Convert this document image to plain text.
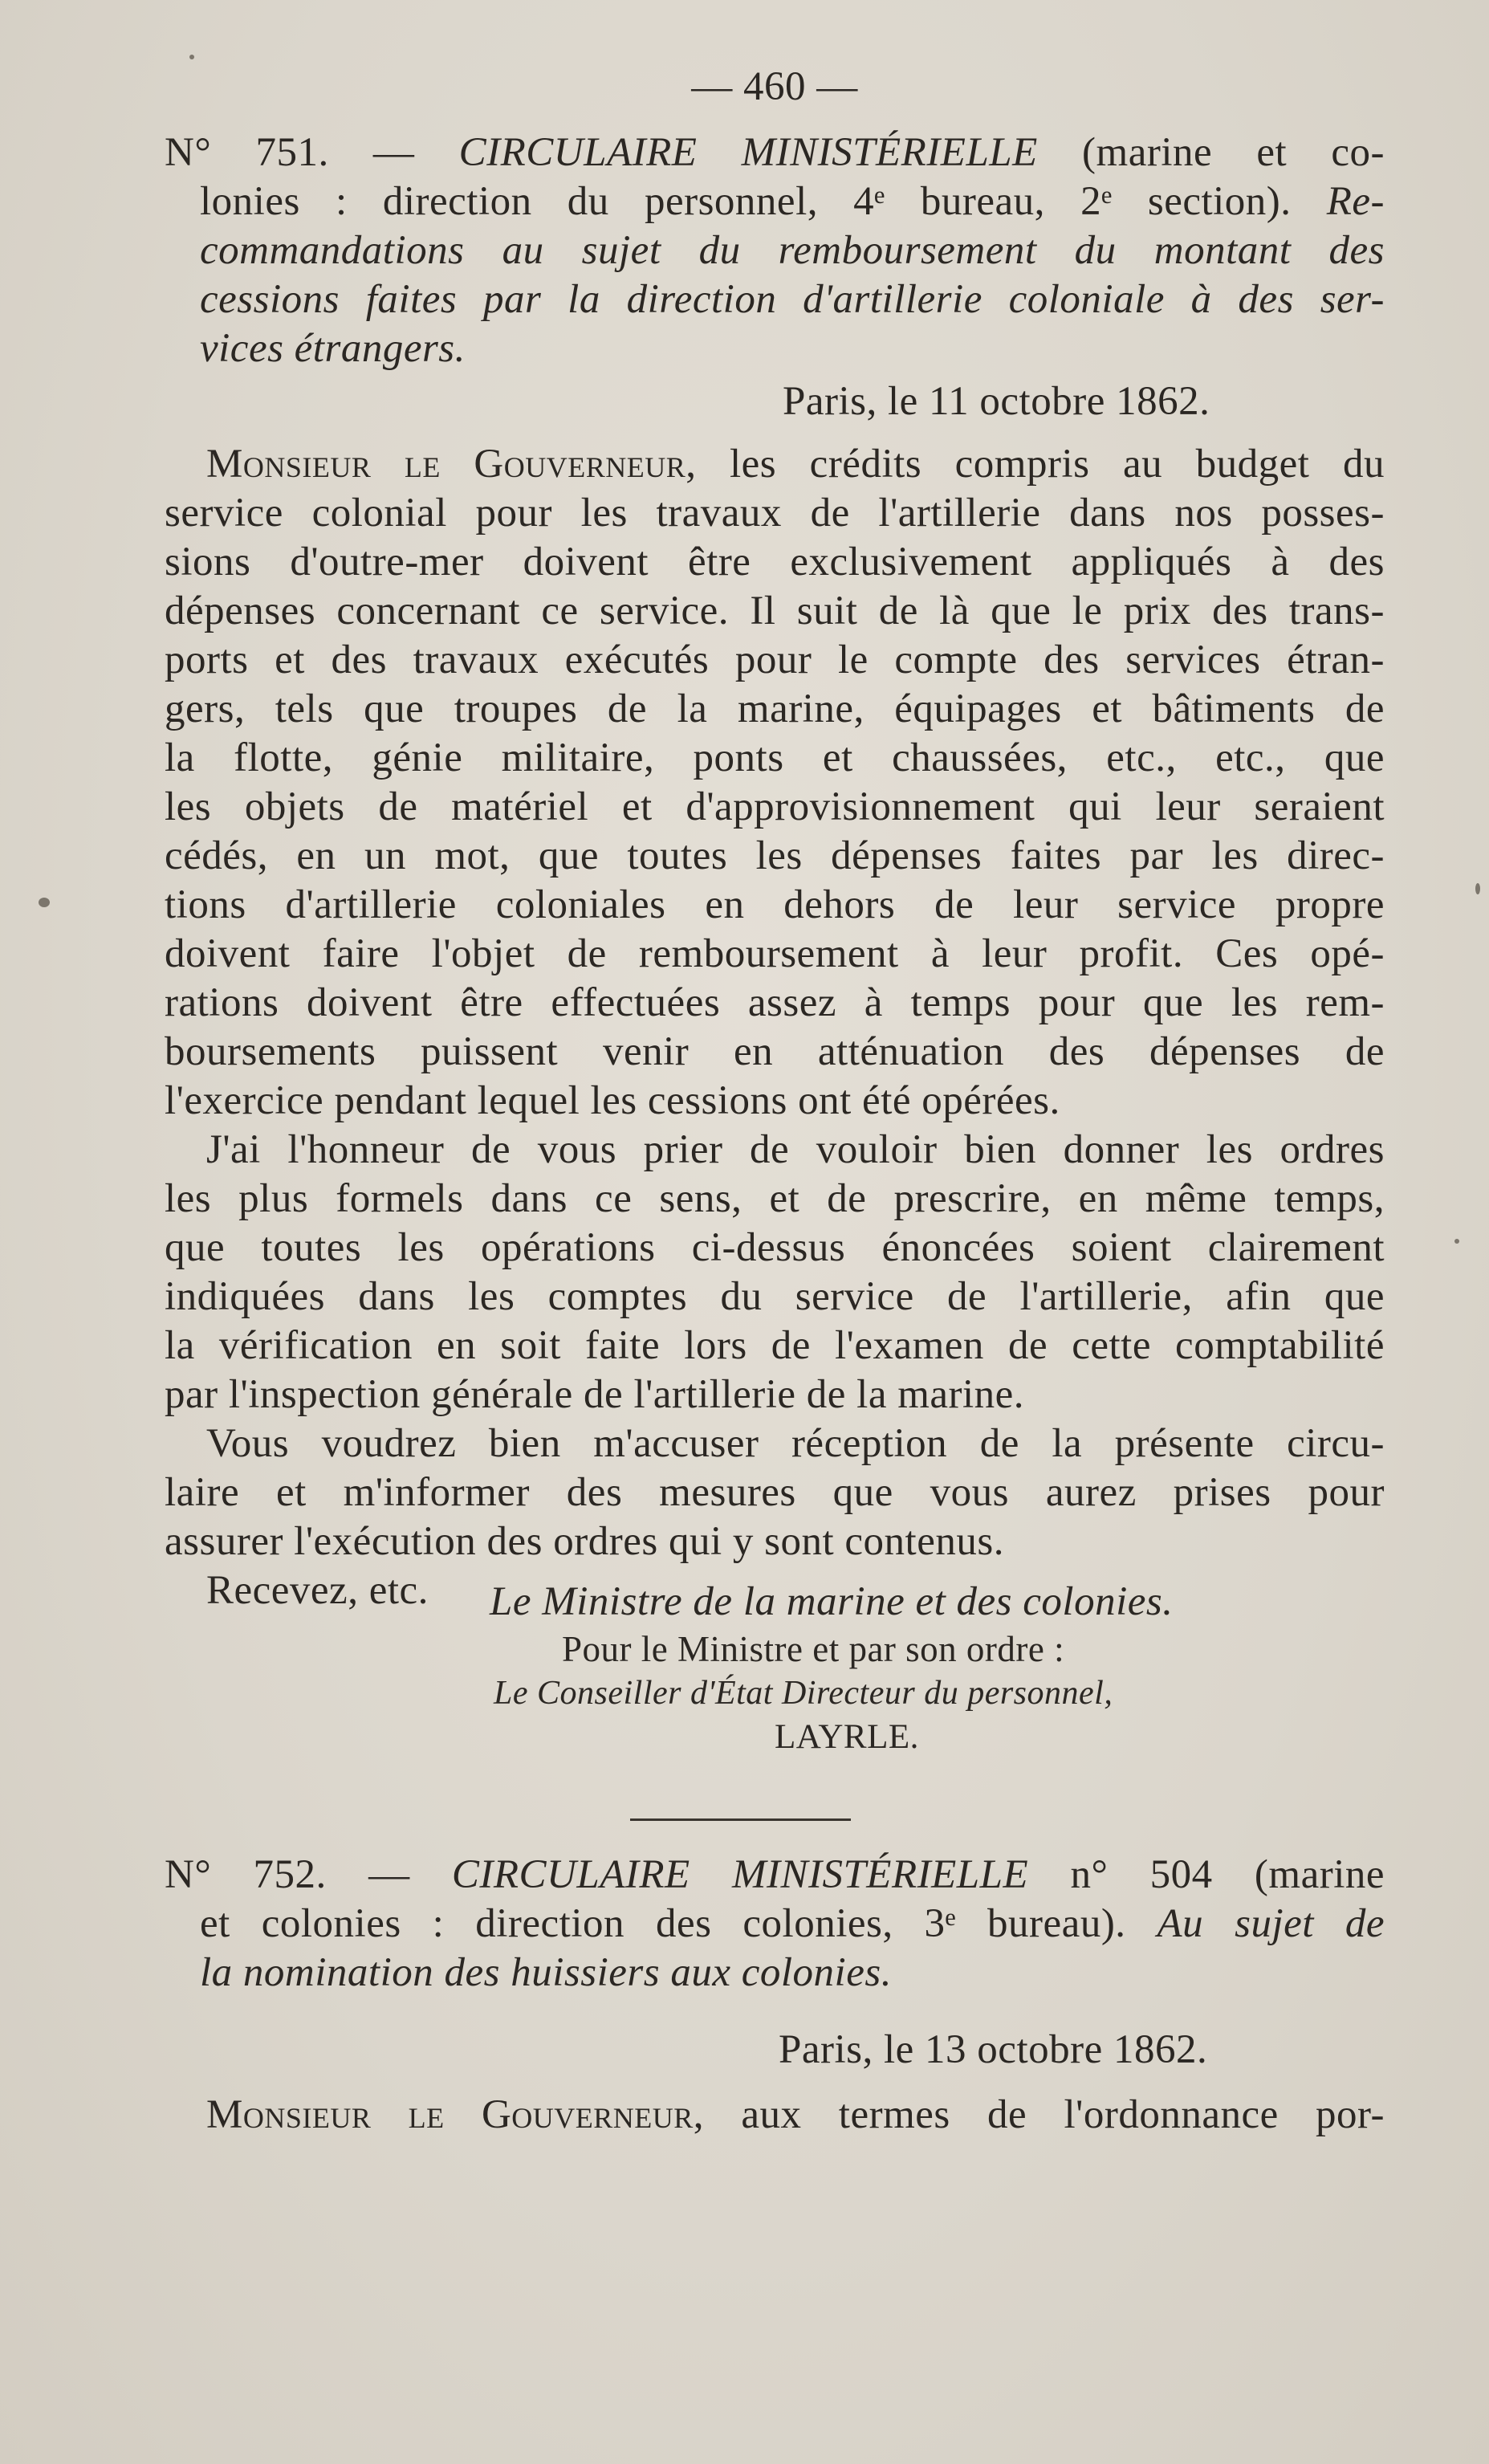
— 460 —
N° 751. — CIRCULAIRE MINISTÉRIELLE (marine et co-
lonies : direction du personnel, 4ᵉ bureau, 2ᵉ section). Re-
commandations au sujet du remboursement du montant des
cessions faites par la direction d'artillerie coloniale à des ser-
vices étrangers.
Paris, le 11 octobre 1862.
Monsieur le Gouverneur, les crédits compris au budget du
service colonial pour les travaux de l'artillerie dans nos posses-
sions d'outre-mer doivent être exclusivement appliqués à des
dépenses concernant ce service. Il suit de là que le prix des trans-
ports et des travaux exécutés pour le compte des services étran-
gers, tels que troupes de la marine, équipages et bâtiments de
la flotte, génie militaire, ponts et chaussées, etc., etc., que
les objets de matériel et d'approvisionnement qui leur seraient
cédés, en un mot, que toutes les dépenses faites par les direc-
tions d'artillerie coloniales en dehors de leur service propre
doivent faire l'objet de remboursement à leur profit. Ces opé-
rations doivent être effectuées assez à temps pour que les rem-
boursements puissent venir en atténuation des dépenses de
l'exercice pendant lequel les cessions ont été opérées.
J'ai l'honneur de vous prier de vouloir bien donner les ordres
les plus formels dans ce sens, et de prescrire, en même temps,
que toutes les opérations ci-dessus énoncées soient clairement
indiquées dans les comptes du service de l'artillerie, afin que
la vérification en soit faite lors de l'examen de cette comptabilité
par l'inspection générale de l'artillerie de la marine.
Vous voudrez bien m'accuser réception de la présente circu-
laire et m'informer des mesures que vous aurez prises pour
assurer l'exécution des ordres qui y sont contenus.
Recevez, etc.	Le Ministre de la marine et des colonies.
Pour le Ministre et par son ordre :
Le Conseiller d'État Directeur du personnel,
LAYRLE.
N° 752. — CIRCULAIRE MINISTÉRIELLE n° 504 (marine
et colonies : direction des colonies, 3ᵉ bureau). Au sujet de
la nomination des huissiers aux colonies.
Paris, le 13 octobre 1862.
Monsieur le Gouverneur, aux termes de l'ordonnance por-
